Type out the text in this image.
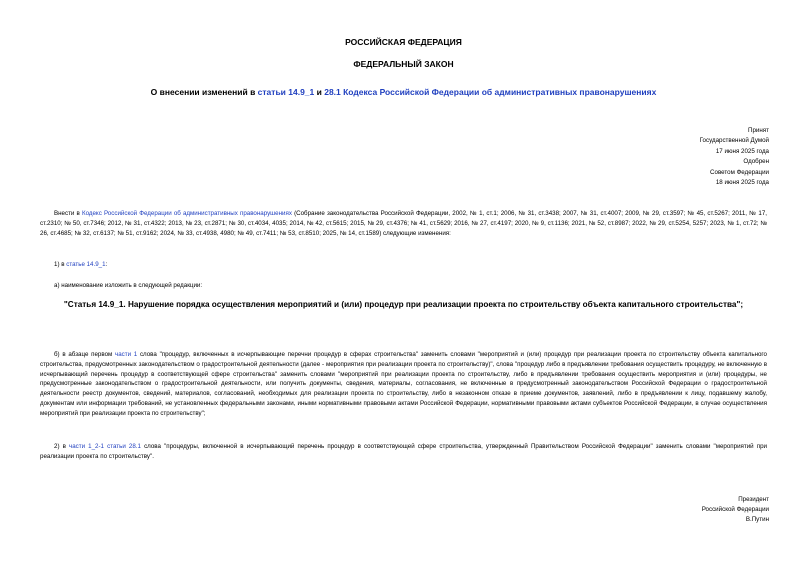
РОССИЙСКАЯ ФЕДЕРАЦИЯ
ФЕДЕРАЛЬНЫЙ ЗАКОН
О внесении изменений в статьи 14.9_1 и 28.1 Кодекса Российской Федерации об административных правонарушениях
Принят
Государственной Думой
17 июня 2025 года
Одобрен
Советом Федерации
18 июня 2025 года
Внести в Кодекс Российской Федерации об административных правонарушениях (Собрание законодательства Российской Федерации, 2002, № 1, ст.1; 2006, № 31, ст.3438; 2007, № 31, ст.4007; 2009, № 29, ст.3597; № 45, ст.5267; 2011, № 17, ст.2310; № 50, ст.7346; 2012, № 31, ст.4322; 2013, № 23, ст.2871; № 30, ст.4034, 4035; 2014, № 42, ст.5615; 2015, № 29, ст.4376; № 41, ст.5629; 2016, № 27, ст.4197; 2020, № 9, ст.1136; 2021, № 52, ст.8987; 2022, № 29, ст.5254, 5257; 2023, № 1, ст.72; № 26, ст.4685; № 32, ст.6137; № 51, ст.9162; 2024, № 33, ст.4938, 4980; № 49, ст.7411; № 53, ст.8510; 2025, № 14, ст.1589) следующие изменения:
1) в статье 14.9_1:
а) наименование изложить в следующей редакции:
"Статья 14.9_1. Нарушение порядка осуществления мероприятий и (или) процедур при реализации проекта по строительству объекта капитального строительства";
б) в абзаце первом части 1 слова "процедур, включенных в исчерпывающие перечни процедур в сферах строительства" заменить словами "мероприятий и (или) процедур при реализации проекта по строительству объекта капитального строительства, предусмотренных законодательством о градостроительной деятельности (далее - мероприятия при реализации проекта по строительству)", слова "процедур либо в предъявлении требования осуществить процедуру, не включенную в исчерпывающий перечень процедур в соответствующей сфере строительства" заменить словами "мероприятий при реализации проекта по строительству, либо в предъявлении требования осуществить мероприятия и (или) процедуры, не предусмотренные законодательством о градостроительной деятельности, или получить документы, сведения, материалы, согласования, не включенные в предусмотренный законодательством Российской Федерации о градостроительной деятельности реестр документов, сведений, материалов, согласований, необходимых для реализации проекта по строительству, либо в незаконном отказе в приеме документов, заявлений, либо в предъявлении к лицу, подавшему жалобу, документам или информации требований, не установленных федеральными законами, иными нормативными правовыми актами Российской Федерации, нормативными правовыми актами субъектов Российской Федерации, в случае осуществления мероприятий при реализации проекта по строительству";
2) в части 1_2-1 статьи 28.1 слова "процедуры, включенной в исчерпывающий перечень процедур в соответствующей сфере строительства, утвержденный Правительством Российской Федерации" заменить словами "мероприятий при реализации проекта по строительству".
Президент
Российской Федерации
В.Путин
